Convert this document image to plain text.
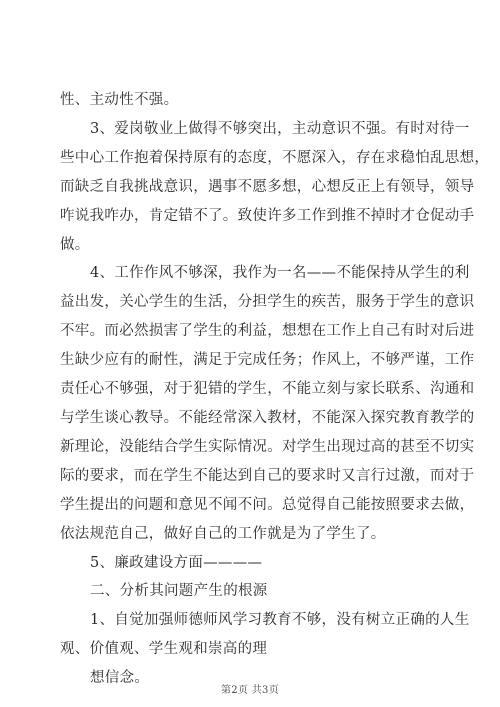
性、主动性不强。

3、爱岗敬业上做得不够突出，主动意识不强。有时对待一
些中心工作抱着保持原有的态度，不愿深入，存在求稳怕乱思想，
而缺乏自我挑战意识，遇事不愿多想，心想反正上有领导，领导
咋说我咋办，肯定错不了。致使许多工作到推不掉时才仓促动手
做。

4、工作作风不够深，我作为一名——不能保持从学生的利
益出发，关心学生的生活，分担学生的疾苦，服务于学生的意识
不牢。而必然损害了学生的利益，想想在工作上自己有时对后进
生缺少应有的耐性，满足于完成任务；作风上，不够严谨，工作
责任心不够强，对于犯错的学生，不能立刻与家长联系、沟通和
与学生谈心教导。不能经常深入教材，不能深入探究教育教学的
新理论，没能结合学生实际情况。对学生出现过高的甚至不切实
际的要求，而在学生不能达到自己的要求时又言行过激，而对于
学生提出的问题和意见不闻不问。总觉得自己能按照要求去做，
依法规范自己，做好自己的工作就是为了学生了。

5、廉政建设方面————

二、分析其问题产生的根源

1、自觉加强师德师风学习教育不够，没有树立正确的人生
观、价值观、学生观和崇高的理

想信念。

第2页 共3页
